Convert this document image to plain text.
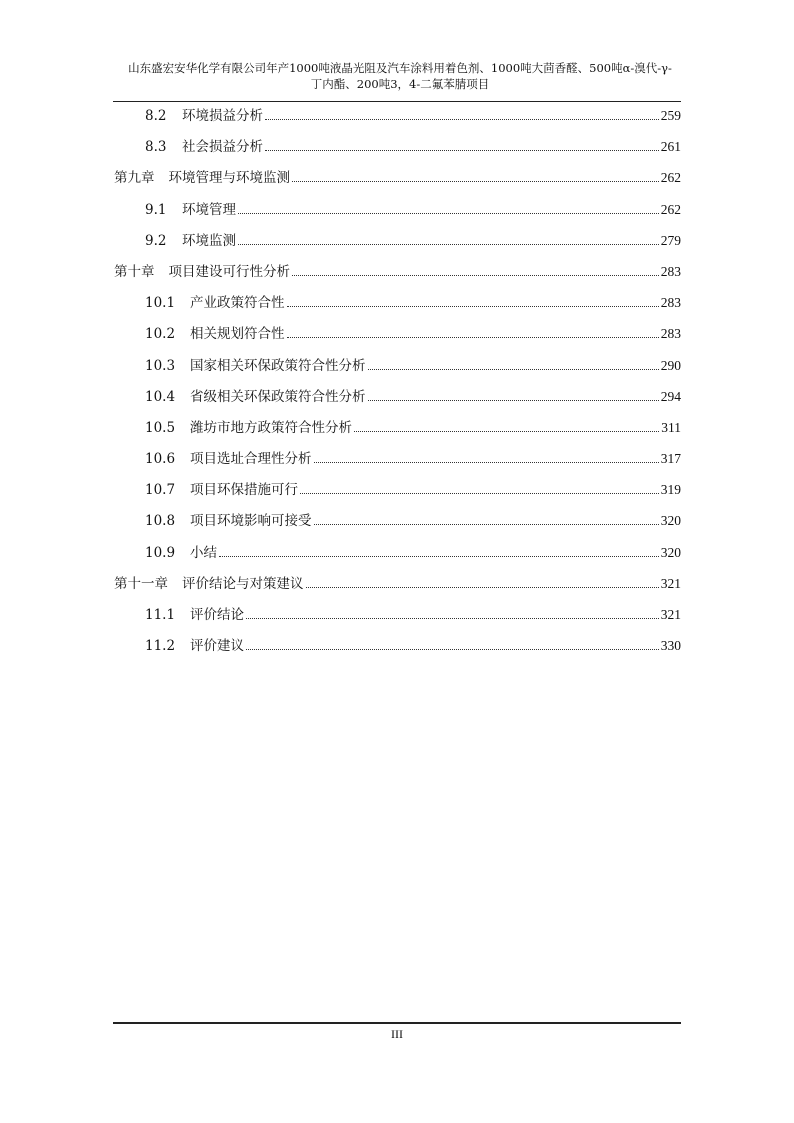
山东盛宏安华化学有限公司年产1000吨液晶光阻及汽车涂料用着色剂、1000吨大茴香醛、500吨α-溴代-γ-
丁内酯、200吨3，4-二氟苯腈项目
8.2	环境损益分析	259
8.3	社会损益分析	261
第九章 环境管理与环境监测	262
9.1	环境管理	262
9.2	环境监测	279
第十章 项目建设可行性分析	283
10.1	产业政策符合性	283
10.2	相关规划符合性	283
10.3	国家相关环保政策符合性分析	290
10.4	省级相关环保政策符合性分析	294
10.5	潍坊市地方政策符合性分析	311
10.6	项目选址合理性分析	317
10.7	项目环保措施可行	319
10.8	项目环境影响可接受	320
10.9	小结	320
第十一章 评价结论与对策建议	321
11.1	评价结论	321
11.2	评价建议	330
III
